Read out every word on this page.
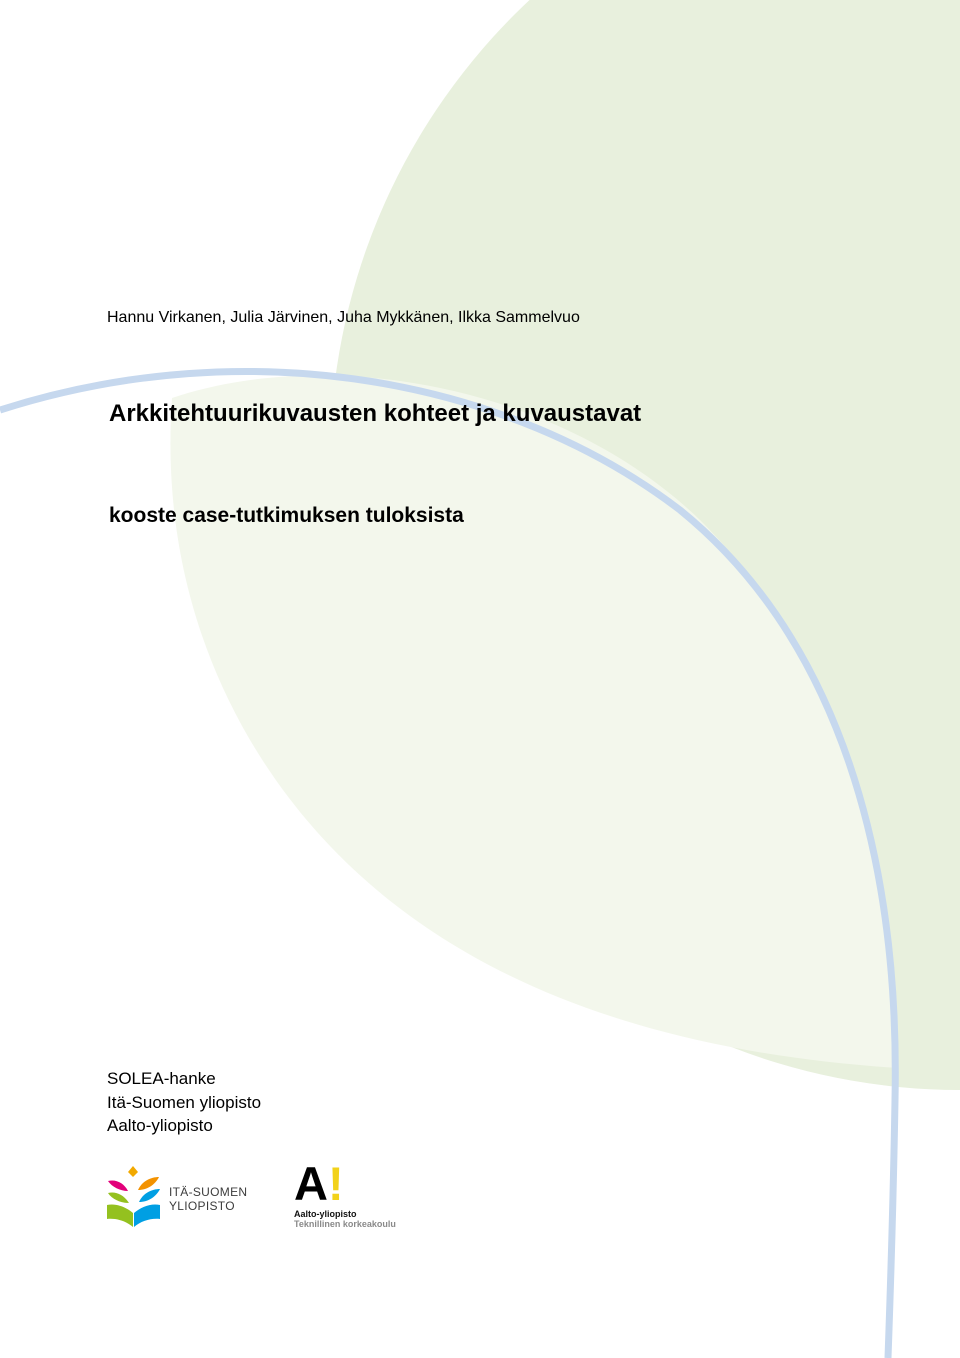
Hannu Virkanen, Julia Järvinen, Juha Mykkänen, Ilkka Sammelvuo
Arkkitehtuurikuvausten kohteet ja kuvaustavat
kooste case-tutkimuksen tuloksista
SOLEA-hanke
Itä-Suomen yliopisto
Aalto-yliopisto
ITÄ-SUOMEN
YLIOPISTO A!
Aalto-yliopisto
Teknillinen korkeakoulu
